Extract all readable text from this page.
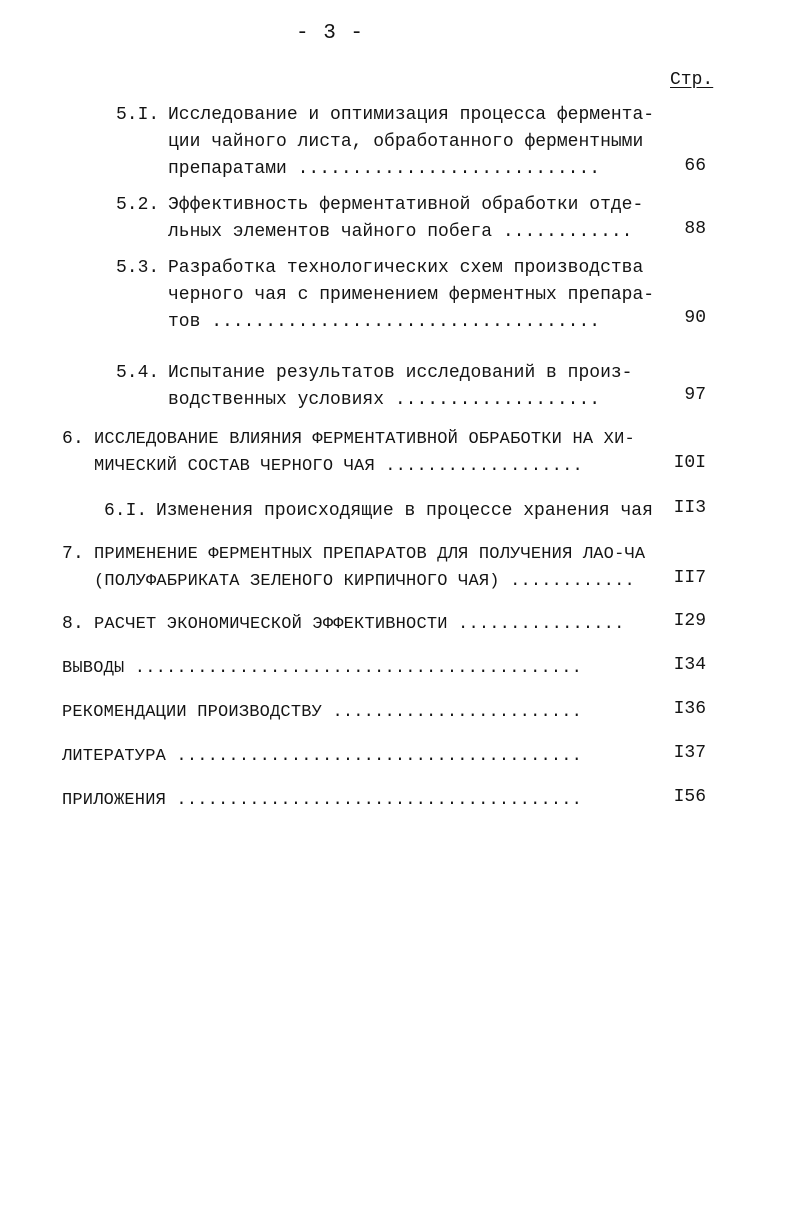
- 3 -
Стр.
5.I. Исследование и оптимизация процесса фермента-
ции чайного листа, обработанного ферментными
препаратами ............................	66
5.2. Эффективность ферментативной обработки отде-
льных элементов чайного побега ............	88
5.3. Разработка технологических схем производства
черного чая с применением ферментных препара-
тов ....................................	90
5.4. Испытание результатов исследований в произ-
водственных условиях ...................	97
6. ИССЛЕДОВАНИЕ ВЛИЯНИЯ ФЕРМЕНТАТИВНОЙ ОБРАБОТКИ НА ХИ-
МИЧЕСКИЙ СОСТАВ ЧЕРНОГО ЧАЯ ...................	I0I
6.I. Изменения происходящие в процессе хранения чая	II3
7. ПРИМЕНЕНИЕ ФЕРМЕНТНЫХ ПРЕПАРАТОВ ДЛЯ ПОЛУЧЕНИЯ ЛАО-ЧА
(ПОЛУФАБРИКАТА ЗЕЛЕНОГО КИРПИЧНОГО ЧАЯ) ............	II7
8. РАСЧЕТ ЭКОНОМИЧЕСКОЙ ЭФФЕКТИВНОСТИ ................	I29
ВЫВОДЫ ...........................................	I34
РЕКОМЕНДАЦИИ ПРОИЗВОДСТВУ ........................	I36
ЛИТЕРАТУРА .......................................	I37
ПРИЛОЖЕНИЯ .......................................	I56
